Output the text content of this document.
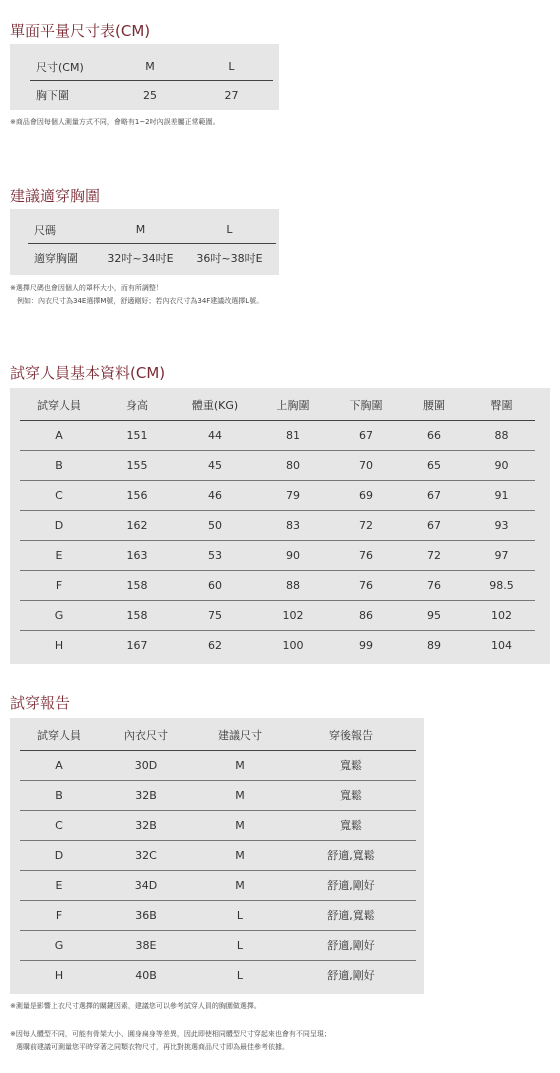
單面平量尺寸表(CM)
尺寸(CM)	M	L
胸下圍	25	27
※商品會因每個人測量方式不同，會略有1~2吋內誤差屬正常範圍。
建議適穿胸圍
尺碼	M	L
適穿胸圍	32吋~34吋E	36吋~38吋E
※選擇尺碼也會因個人的罩杯大小，而有所調整！
例如：內衣尺寸為34E選擇M號，舒適剛好；若內衣尺寸為34F建議改選擇L號。
試穿人員基本資料(CM)
試穿人員	身高	體重(KG)	上胸圍	下胸圍	腰圍	臀圍
A	151	44	81	67	66	88
B	155	45	80	70	65	90
C	156	46	79	69	67	91
D	162	50	83	72	67	93
E	163	53	90	76	72	97
F	158	60	88	76	76	98.5
G	158	75	102	86	95	102
H	167	62	100	99	89	104
試穿報告
試穿人員	內衣尺寸	建議尺寸	穿後報告
A	30D	M	寬鬆
B	32B	M	寬鬆
C	32B	M	寬鬆
D	32C	M	舒適,寬鬆
E	34D	M	舒適,剛好
F	36B	L	舒適,寬鬆
G	38E	L	舒適,剛好
H	40B	L	舒適,剛好
※測量是影響上衣尺寸選擇的關鍵因素，建議您可以參考試穿人員的胸圍做選擇。
※因每人體型不同，可能有骨架大小、圓身扁身等差異，因此即使相同體型尺寸穿起來也會有不同呈現；
選購前建議可測量您平時穿著之同類衣物尺寸，再比對挑選商品尺寸即為最佳參考依據。
